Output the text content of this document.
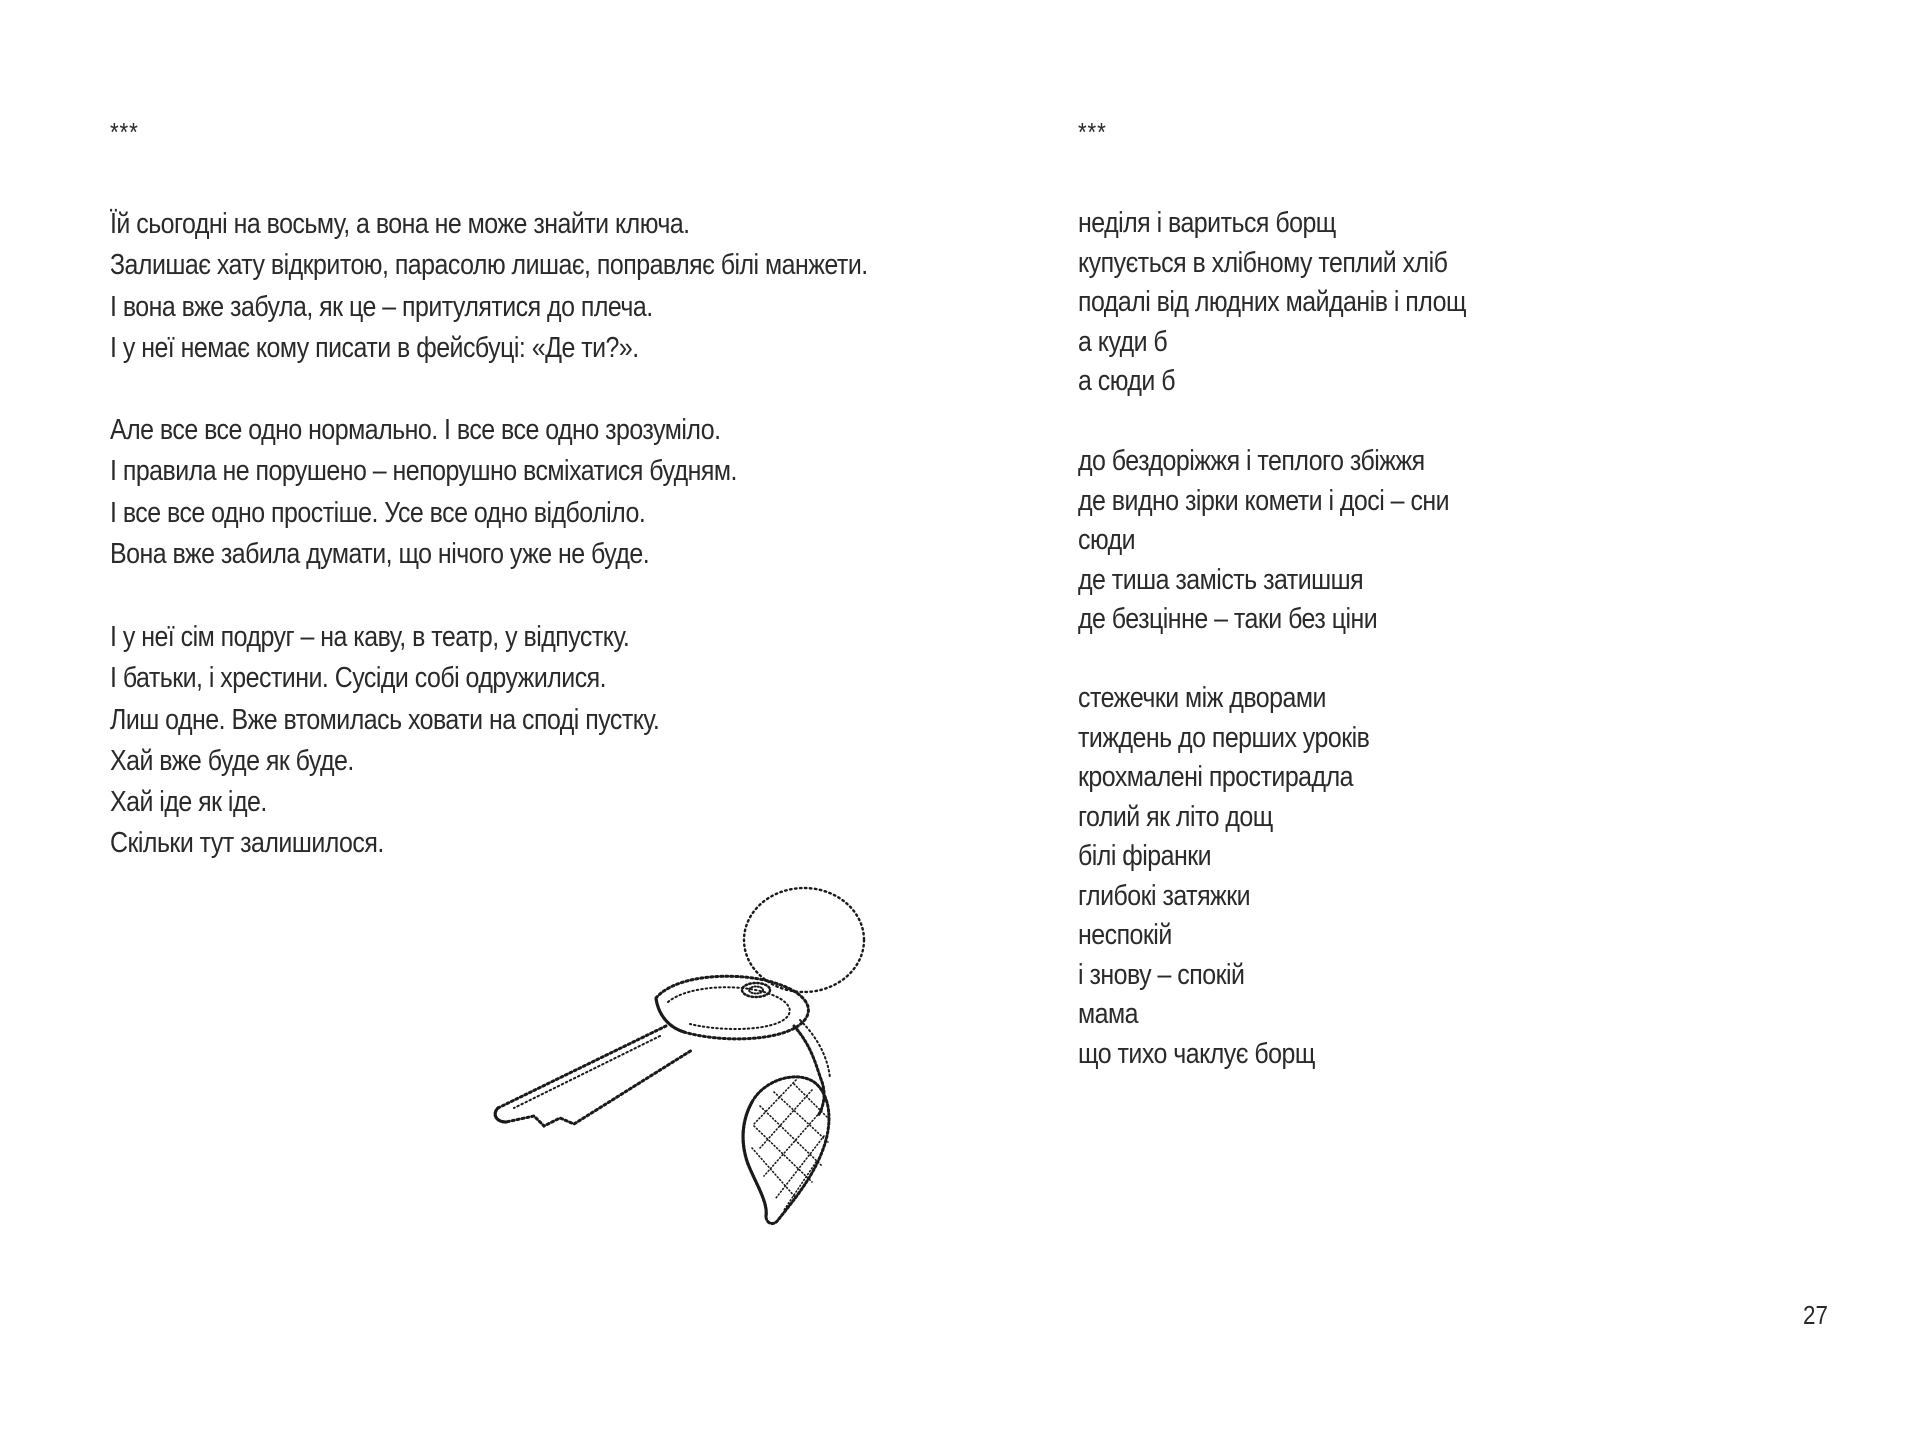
***
Їй сьогодні на восьму, а вона не може знайти ключа.
Залишає хату відкритою, парасолю лишає, поправляє білі манжети.
І вона вже забула, як це – притулятися до плеча.
І у неї немає кому писати в фейсбуці: «Де ти?».
Але все все одно нормально. І все все одно зрозуміло.
І правила не порушено – непорушно всміхатися будням.
І все все одно простіше. Усе все одно відболіло.
Вона вже забила думати, що нічого уже не буде.
І у неї сім подруг – на каву, в театр, у відпустку.
І батьки, і хрестини. Сусіди собі одружилися.
Лиш одне. Вже втомилась ховати на споді пустку.
Хай вже буде як буде.
Хай іде як іде.
Скільки тут залишилося.
***
неділя і вариться борщ
купується в хлібному теплий хліб
подалі від людних майданів і площ
а куди б
а сюди б
до бездоріжжя і теплого збіжжя
де видно зірки комети і досі – сни
сюди
де тиша замість затишшя
де безцінне – таки без ціни
стежечки між дворами
тиждень до перших уроків
крохмалені простирадла
голий як літо дощ
білі фіранки
глибокі затяжки
неспокій
і знову – спокій
мама
що тихо чаклує борщ
27
